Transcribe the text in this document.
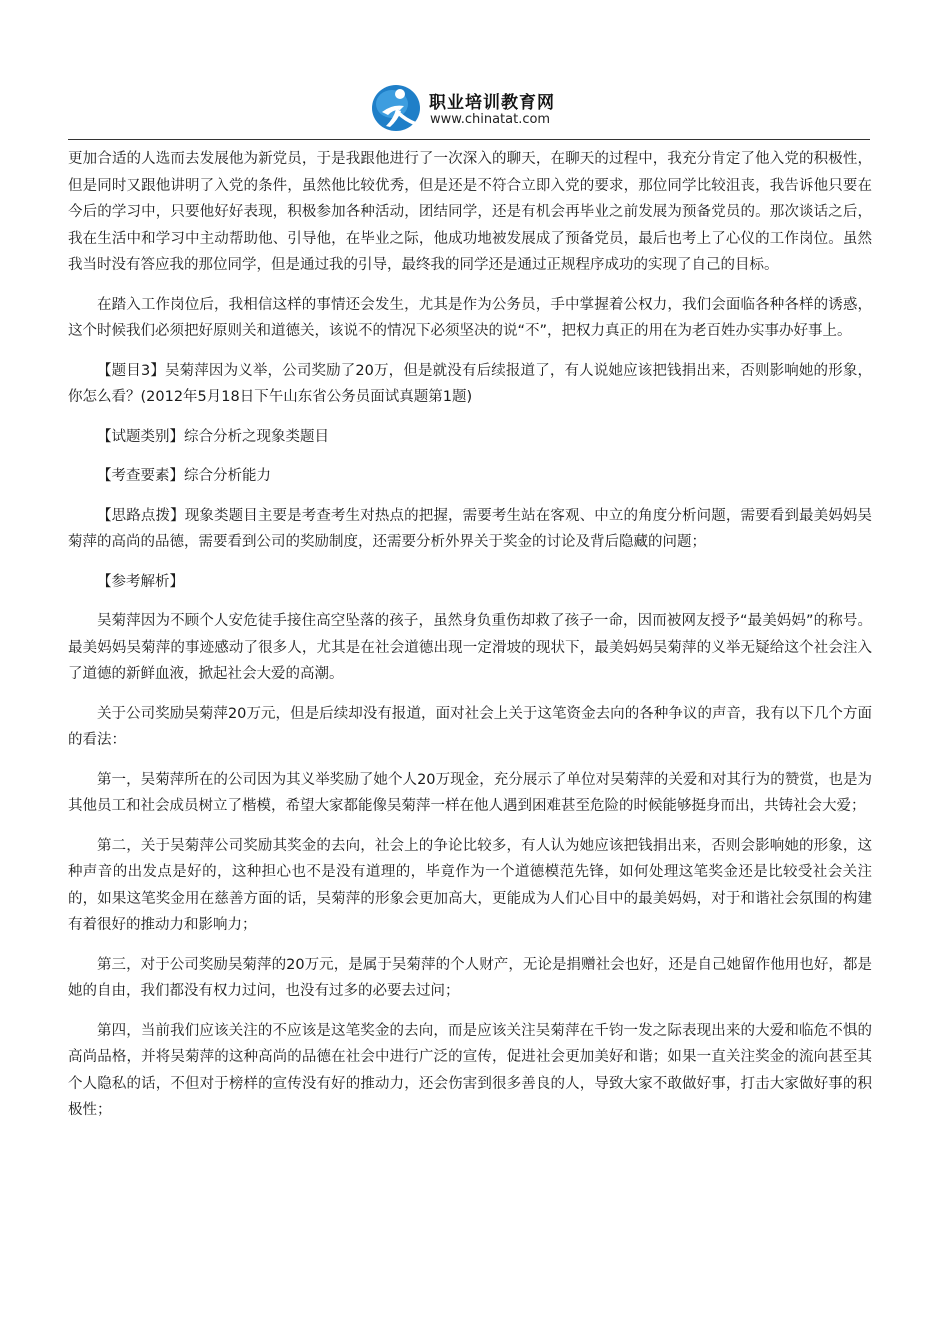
职业培训教育网
www.chinatat.com

更加合适的人选而去发展他为新党员，于是我跟他进行了一次深入的聊天，在聊天的过程中，我充分肯定了他入党的积极性，但是同时又跟他讲明了入党的条件，虽然他比较优秀，但是还是不符合立即入党的要求，那位同学比较沮丧，我告诉他只要在今后的学习中，只要他好好表现，积极参加各种活动，团结同学，还是有机会再毕业之前发展为预备党员的。那次谈话之后，我在生活中和学习中主动帮助他、引导他，在毕业之际，他成功地被发展成了预备党员，最后也考上了心仪的工作岗位。虽然我当时没有答应我的那位同学，但是通过我的引导，最终我的同学还是通过正规程序成功的实现了自己的目标。

在踏入工作岗位后，我相信这样的事情还会发生，尤其是作为公务员，手中掌握着公权力，我们会面临各种各样的诱惑，这个时候我们必须把好原则关和道德关，该说不的情况下必须坚决的说“不”，把权力真正的用在为老百姓办实事办好事上。

【题目3】吴菊萍因为义举，公司奖励了20万，但是就没有后续报道了，有人说她应该把钱捐出来，否则影响她的形象，你怎么看？(2012年5月18日下午山东省公务员面试真题第1题)

【试题类别】综合分析之现象类题目

【考查要素】综合分析能力

【思路点拨】现象类题目主要是考查考生对热点的把握，需要考生站在客观、中立的角度分析问题，需要看到最美妈妈吴菊萍的高尚的品德，需要看到公司的奖励制度，还需要分析外界关于奖金的讨论及背后隐藏的问题；

【参考解析】

吴菊萍因为不顾个人安危徒手接住高空坠落的孩子，虽然身负重伤却救了孩子一命，因而被网友授予“最美妈妈”的称号。最美妈妈吴菊萍的事迹感动了很多人，尤其是在社会道德出现一定滑坡的现状下，最美妈妈吴菊萍的义举无疑给这个社会注入了道德的新鲜血液，掀起社会大爱的高潮。

关于公司奖励吴菊萍20万元，但是后续却没有报道，面对社会上关于这笔资金去向的各种争议的声音，我有以下几个方面的看法：

第一，吴菊萍所在的公司因为其义举奖励了她个人20万现金，充分展示了单位对吴菊萍的关爱和对其行为的赞赏，也是为其他员工和社会成员树立了楷模，希望大家都能像吴菊萍一样在他人遇到困难甚至危险的时候能够挺身而出，共铸社会大爱；

第二，关于吴菊萍公司奖励其奖金的去向，社会上的争论比较多，有人认为她应该把钱捐出来，否则会影响她的形象，这种声音的出发点是好的，这种担心也不是没有道理的，毕竟作为一个道德模范先锋，如何处理这笔奖金还是比较受社会关注的，如果这笔奖金用在慈善方面的话，吴菊萍的形象会更加高大，更能成为人们心目中的最美妈妈，对于和谐社会氛围的构建有着很好的推动力和影响力；

第三，对于公司奖励吴菊萍的20万元，是属于吴菊萍的个人财产，无论是捐赠社会也好，还是自己她留作他用也好，都是她的自由，我们都没有权力过问，也没有过多的必要去过问；

第四，当前我们应该关注的不应该是这笔奖金的去向，而是应该关注吴菊萍在千钧一发之际表现出来的大爱和临危不惧的高尚品格，并将吴菊萍的这种高尚的品德在社会中进行广泛的宣传，促进社会更加美好和谐；如果一直关注奖金的流向甚至其个人隐私的话，不但对于榜样的宣传没有好的推动力，还会伤害到很多善良的人，导致大家不敢做好事，打击大家做好事的积极性；
